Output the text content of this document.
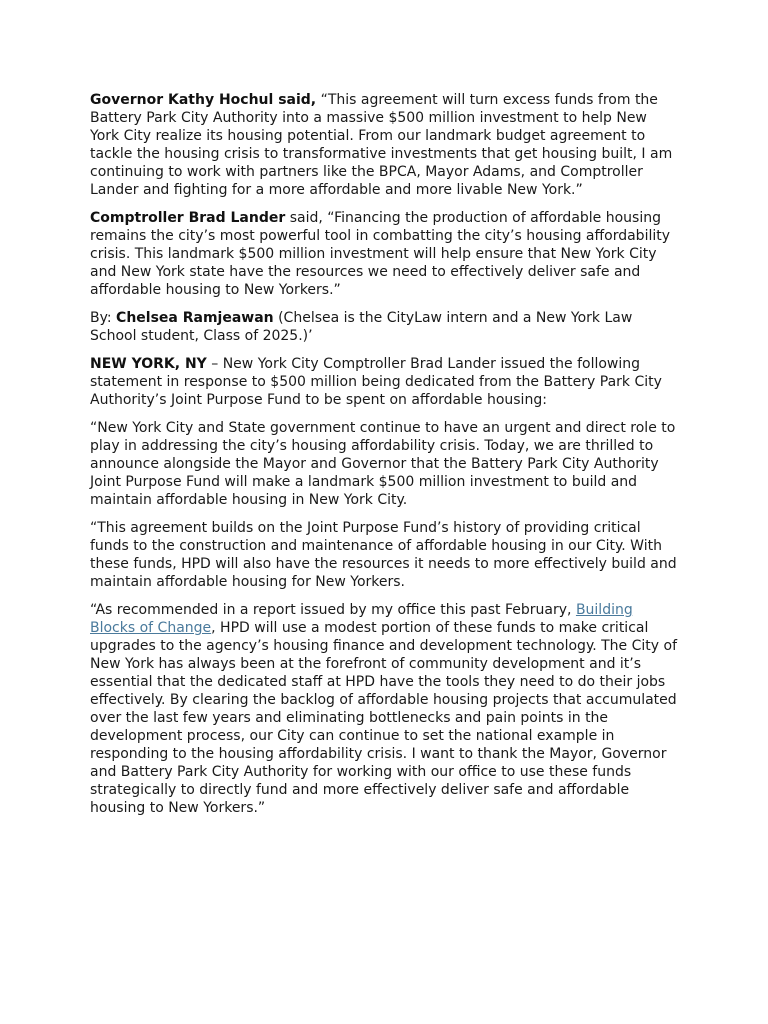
Governor Kathy Hochul said, “This agreement will turn excess funds from the Battery Park City Authority into a massive $500 million investment to help New York City realize its housing potential. From our landmark budget agreement to tackle the housing crisis to transformative investments that get housing built, I am continuing to work with partners like the BPCA, Mayor Adams, and Comptroller Lander and fighting for a more affordable and more livable New York.”

Comptroller Brad Lander said, “Financing the production of affordable housing remains the city’s most powerful tool in combatting the city’s housing affordability crisis. This landmark $500 million investment will help ensure that New York City and New York state have the resources we need to effectively deliver safe and affordable housing to New Yorkers.”

By: Chelsea Ramjeawan (Chelsea is the CityLaw intern and a New York Law School student, Class of 2025.)’

NEW YORK, NY – New York City Comptroller Brad Lander issued the following statement in response to $500 million being dedicated from the Battery Park City Authority’s Joint Purpose Fund to be spent on affordable housing:

“New York City and State government continue to have an urgent and direct role to play in addressing the city’s housing affordability crisis. Today, we are thrilled to announce alongside the Mayor and Governor that the Battery Park City Authority Joint Purpose Fund will make a landmark $500 million investment to build and maintain affordable housing in New York City.

“This agreement builds on the Joint Purpose Fund’s history of providing critical funds to the construction and maintenance of affordable housing in our City. With these funds, HPD will also have the resources it needs to more effectively build and maintain affordable housing for New Yorkers.

“As recommended in a report issued by my office this past February, Building Blocks of Change, HPD will use a modest portion of these funds to make critical upgrades to the agency’s housing finance and development technology. The City of New York has always been at the forefront of community development and it’s essential that the dedicated staff at HPD have the tools they need to do their jobs effectively. By clearing the backlog of affordable housing projects that accumulated over the last few years and eliminating bottlenecks and pain points in the development process, our City can continue to set the national example in responding to the housing affordability crisis. I want to thank the Mayor, Governor and Battery Park City Authority for working with our office to use these funds strategically to directly fund and more effectively deliver safe and affordable housing to New Yorkers.”
